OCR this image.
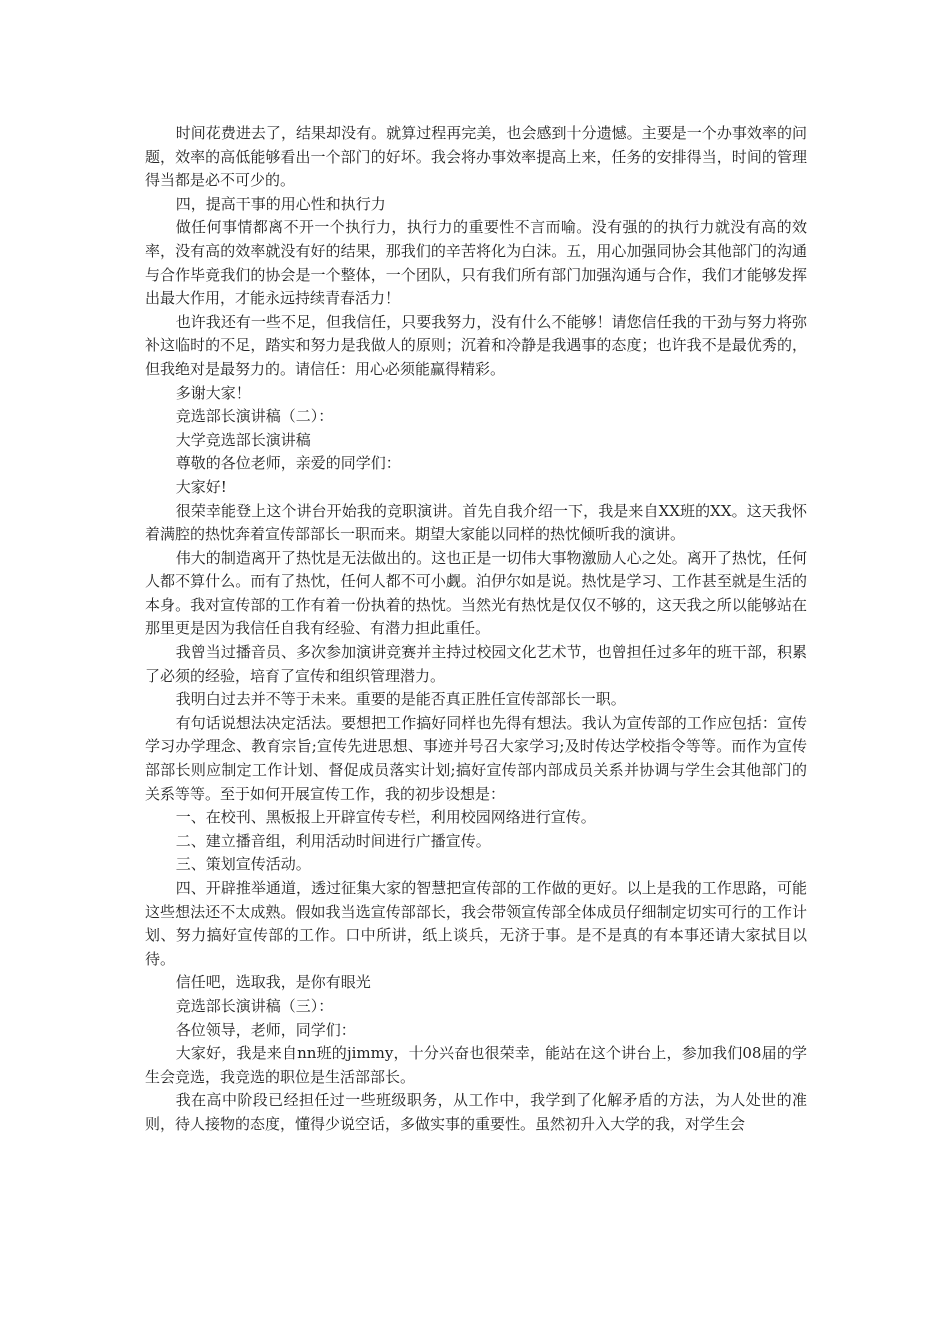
时间花费进去了，结果却没有。就算过程再完美，也会感到十分遗憾。主要是一个办事效率的问题，效率的高低能够看出一个部门的好坏。我会将办事效率提高上来，任务的安排得当，时间的管理得当都是必不可少的。

四，提高干事的用心性和执行力

做任何事情都离不开一个执行力，执行力的重要性不言而喻。没有强的的执行力就没有高的效率，没有高的效率就没有好的结果，那我们的辛苦将化为白沫。五，用心加强同协会其他部门的沟通与合作毕竟我们的协会是一个整体，一个团队，只有我们所有部门加强沟通与合作，我们才能够发挥出最大作用，才能永远持续青春活力！

也许我还有一些不足，但我信任，只要我努力，没有什么不能够！请您信任我的干劲与努力将弥补这临时的不足，踏实和努力是我做人的原则；沉着和冷静是我遇事的态度；也许我不是最优秀的，但我绝对是最努力的。请信任：用心必须能赢得精彩。

多谢大家！

竞选部长演讲稿（二）：

大学竞选部长演讲稿

尊敬的各位老师，亲爱的同学们：

大家好!

很荣幸能登上这个讲台开始我的竞职演讲。首先自我介绍一下，我是来自XX班的XX。这天我怀着满腔的热忱奔着宣传部部长一职而来。期望大家能以同样的热忱倾听我的演讲。

伟大的制造离开了热忱是无法做出的。这也正是一切伟大事物激励人心之处。离开了热忱，任何人都不算什么。而有了热忱，任何人都不可小觑。泊伊尔如是说。热忱是学习、工作甚至就是生活的本身。我对宣传部的工作有着一份执着的热忱。当然光有热忱是仅仅不够的，这天我之所以能够站在那里更是因为我信任自我有经验、有潜力担此重任。

我曾当过播音员、多次参加演讲竞赛并主持过校园文化艺术节，也曾担任过多年的班干部，积累了必须的经验，培育了宣传和组织管理潜力。

我明白过去并不等于未来。重要的是能否真正胜任宣传部部长一职。

有句话说想法决定活法。要想把工作搞好同样也先得有想法。我认为宣传部的工作应包括：宣传学习办学理念、教育宗旨;宣传先进思想、事迹并号召大家学习;及时传达学校指令等等。而作为宣传部部长则应制定工作计划、督促成员落实计划;搞好宣传部内部成员关系并协调与学生会其他部门的关系等等。至于如何开展宣传工作，我的初步设想是：

一、在校刊、黑板报上开辟宣传专栏，利用校园网络进行宣传。

二、建立播音组，利用活动时间进行广播宣传。

三、策划宣传活动。

四、开辟推举通道，透过征集大家的智慧把宣传部的工作做的更好。以上是我的工作思路，可能这些想法还不太成熟。假如我当选宣传部部长，我会带领宣传部全体成员仔细制定切实可行的工作计划、努力搞好宣传部的工作。口中所讲，纸上谈兵，无济于事。是不是真的有本事还请大家拭目以待。

信任吧，选取我，是你有眼光

竞选部长演讲稿（三）：

各位领导，老师，同学们：

大家好，我是来自nn班的jimmy，十分兴奋也很荣幸，能站在这个讲台上，参加我们08届的学生会竞选，我竞选的职位是生活部部长。

我在高中阶段已经担任过一些班级职务，从工作中，我学到了化解矛盾的方法，为人处世的准则，待人接物的态度，懂得少说空话，多做实事的重要性。虽然初升入大学的我，对学生会
